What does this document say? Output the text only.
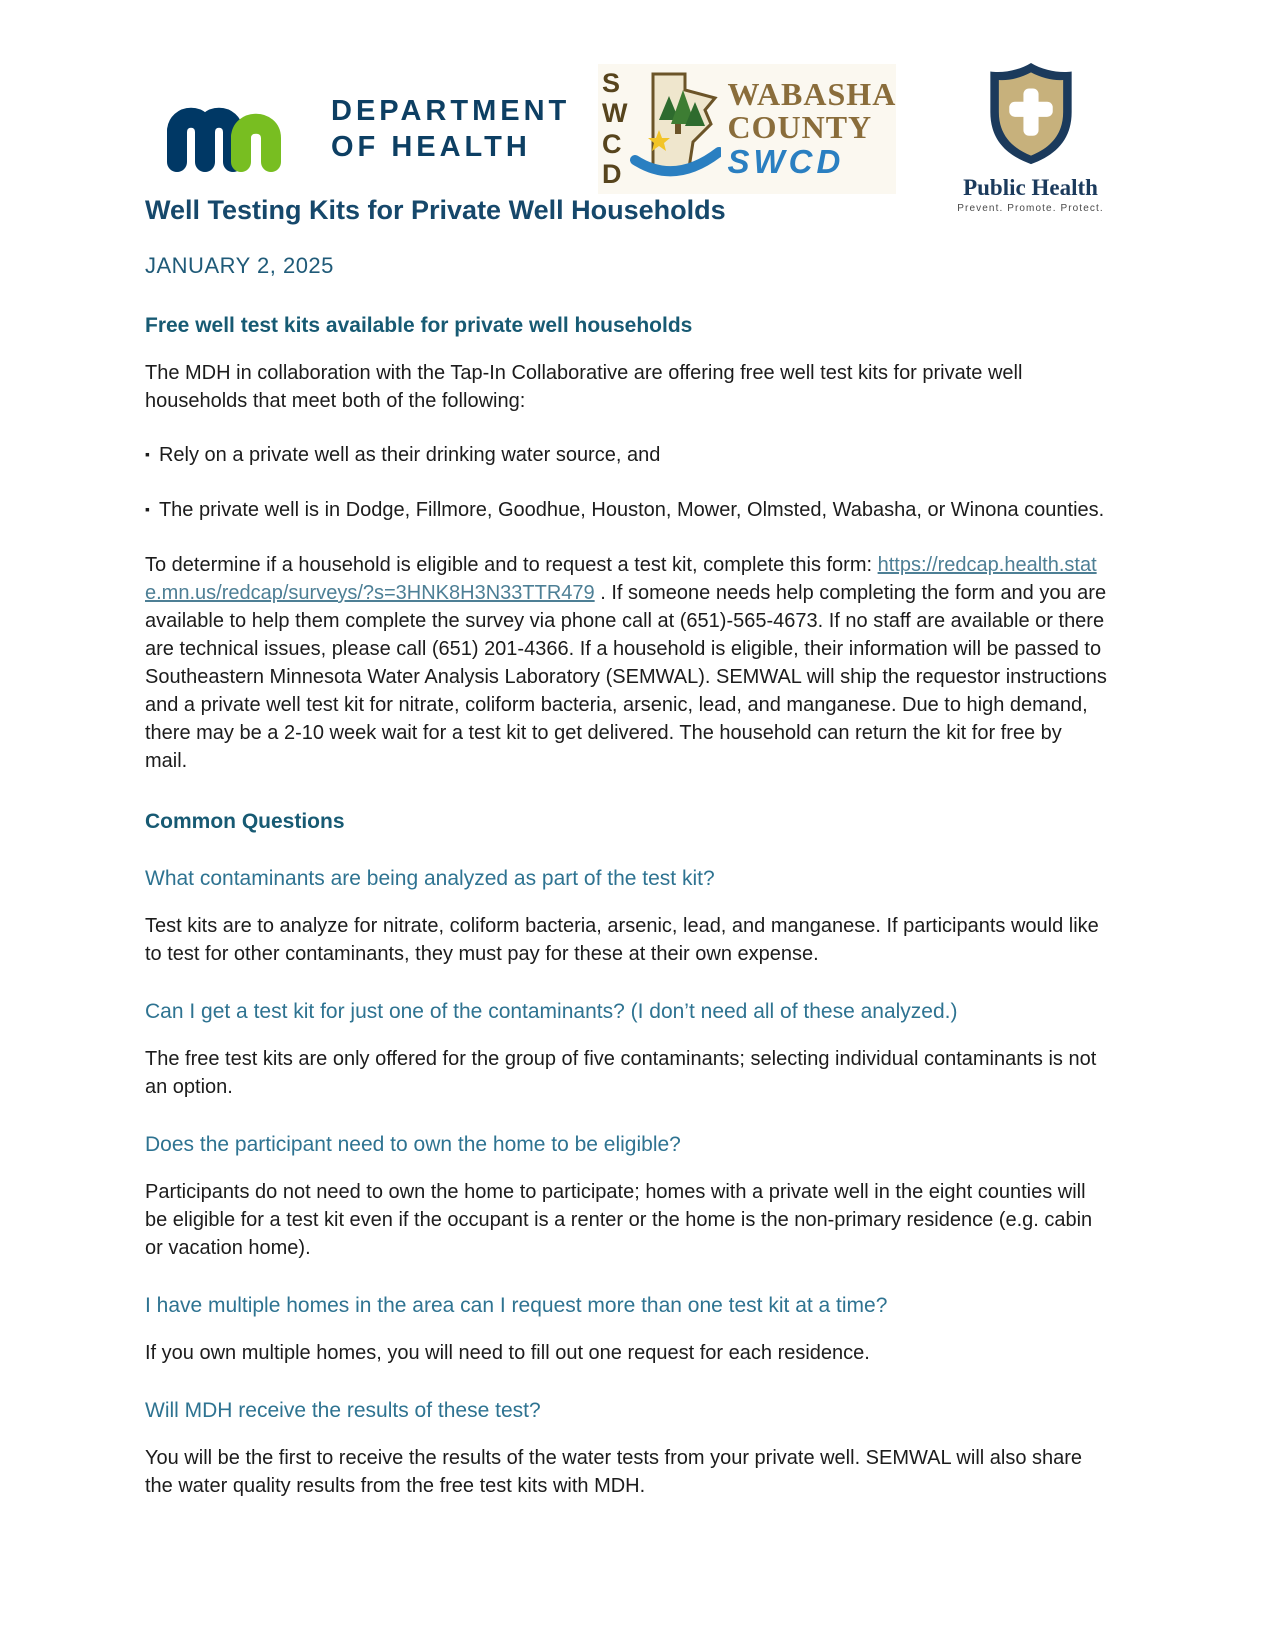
DEPARTMENT
OF HEALTH
S
W
C
D
WABASHA
COUNTY
SWCD
Public Health
Prevent. Promote. Protect.
Well Testing Kits for Private Well Households
JANUARY 2, 2025
Free well test kits available for private well households

The MDH in collaboration with the Tap-In Collaborative are offering free well test kits for private well households that meet both of the following:

▪ Rely on a private well as their drinking water source, and

▪ The private well is in Dodge, Fillmore, Goodhue, Houston, Mower, Olmsted, Wabasha, or Winona counties.

To determine if a household is eligible and to request a test kit, complete this form: https://redcap.health.state.mn.us/redcap/surveys/?s=3HNK8H3N33TTR479 . If someone needs help completing the form and you are available to help them complete the survey via phone call at (651)-565-4673. If no staff are available or there are technical issues, please call (651) 201-4366. If a household is eligible, their information will be passed to Southeastern Minnesota Water Analysis Laboratory (SEMWAL). SEMWAL will ship the requestor instructions and a private well test kit for nitrate, coliform bacteria, arsenic, lead, and manganese. Due to high demand, there may be a 2-10 week wait for a test kit to get delivered. The household can return the kit for free by mail.

Common Questions
What contaminants are being analyzed as part of the test kit?

Test kits are to analyze for nitrate, coliform bacteria, arsenic, lead, and manganese. If participants would like to test for other contaminants, they must pay for these at their own expense.

Can I get a test kit for just one of the contaminants? (I don’t need all of these analyzed.)

The free test kits are only offered for the group of five contaminants; selecting individual contaminants is not an option.

Does the participant need to own the home to be eligible?

Participants do not need to own the home to participate; homes with a private well in the eight counties will be eligible for a test kit even if the occupant is a renter or the home is the non-primary residence (e.g. cabin or vacation home).

I have multiple homes in the area can I request more than one test kit at a time?

If you own multiple homes, you will need to fill out one request for each residence.

Will MDH receive the results of these test?

You will be the first to receive the results of the water tests from your private well. SEMWAL will also share the water quality results from the free test kits with MDH.
